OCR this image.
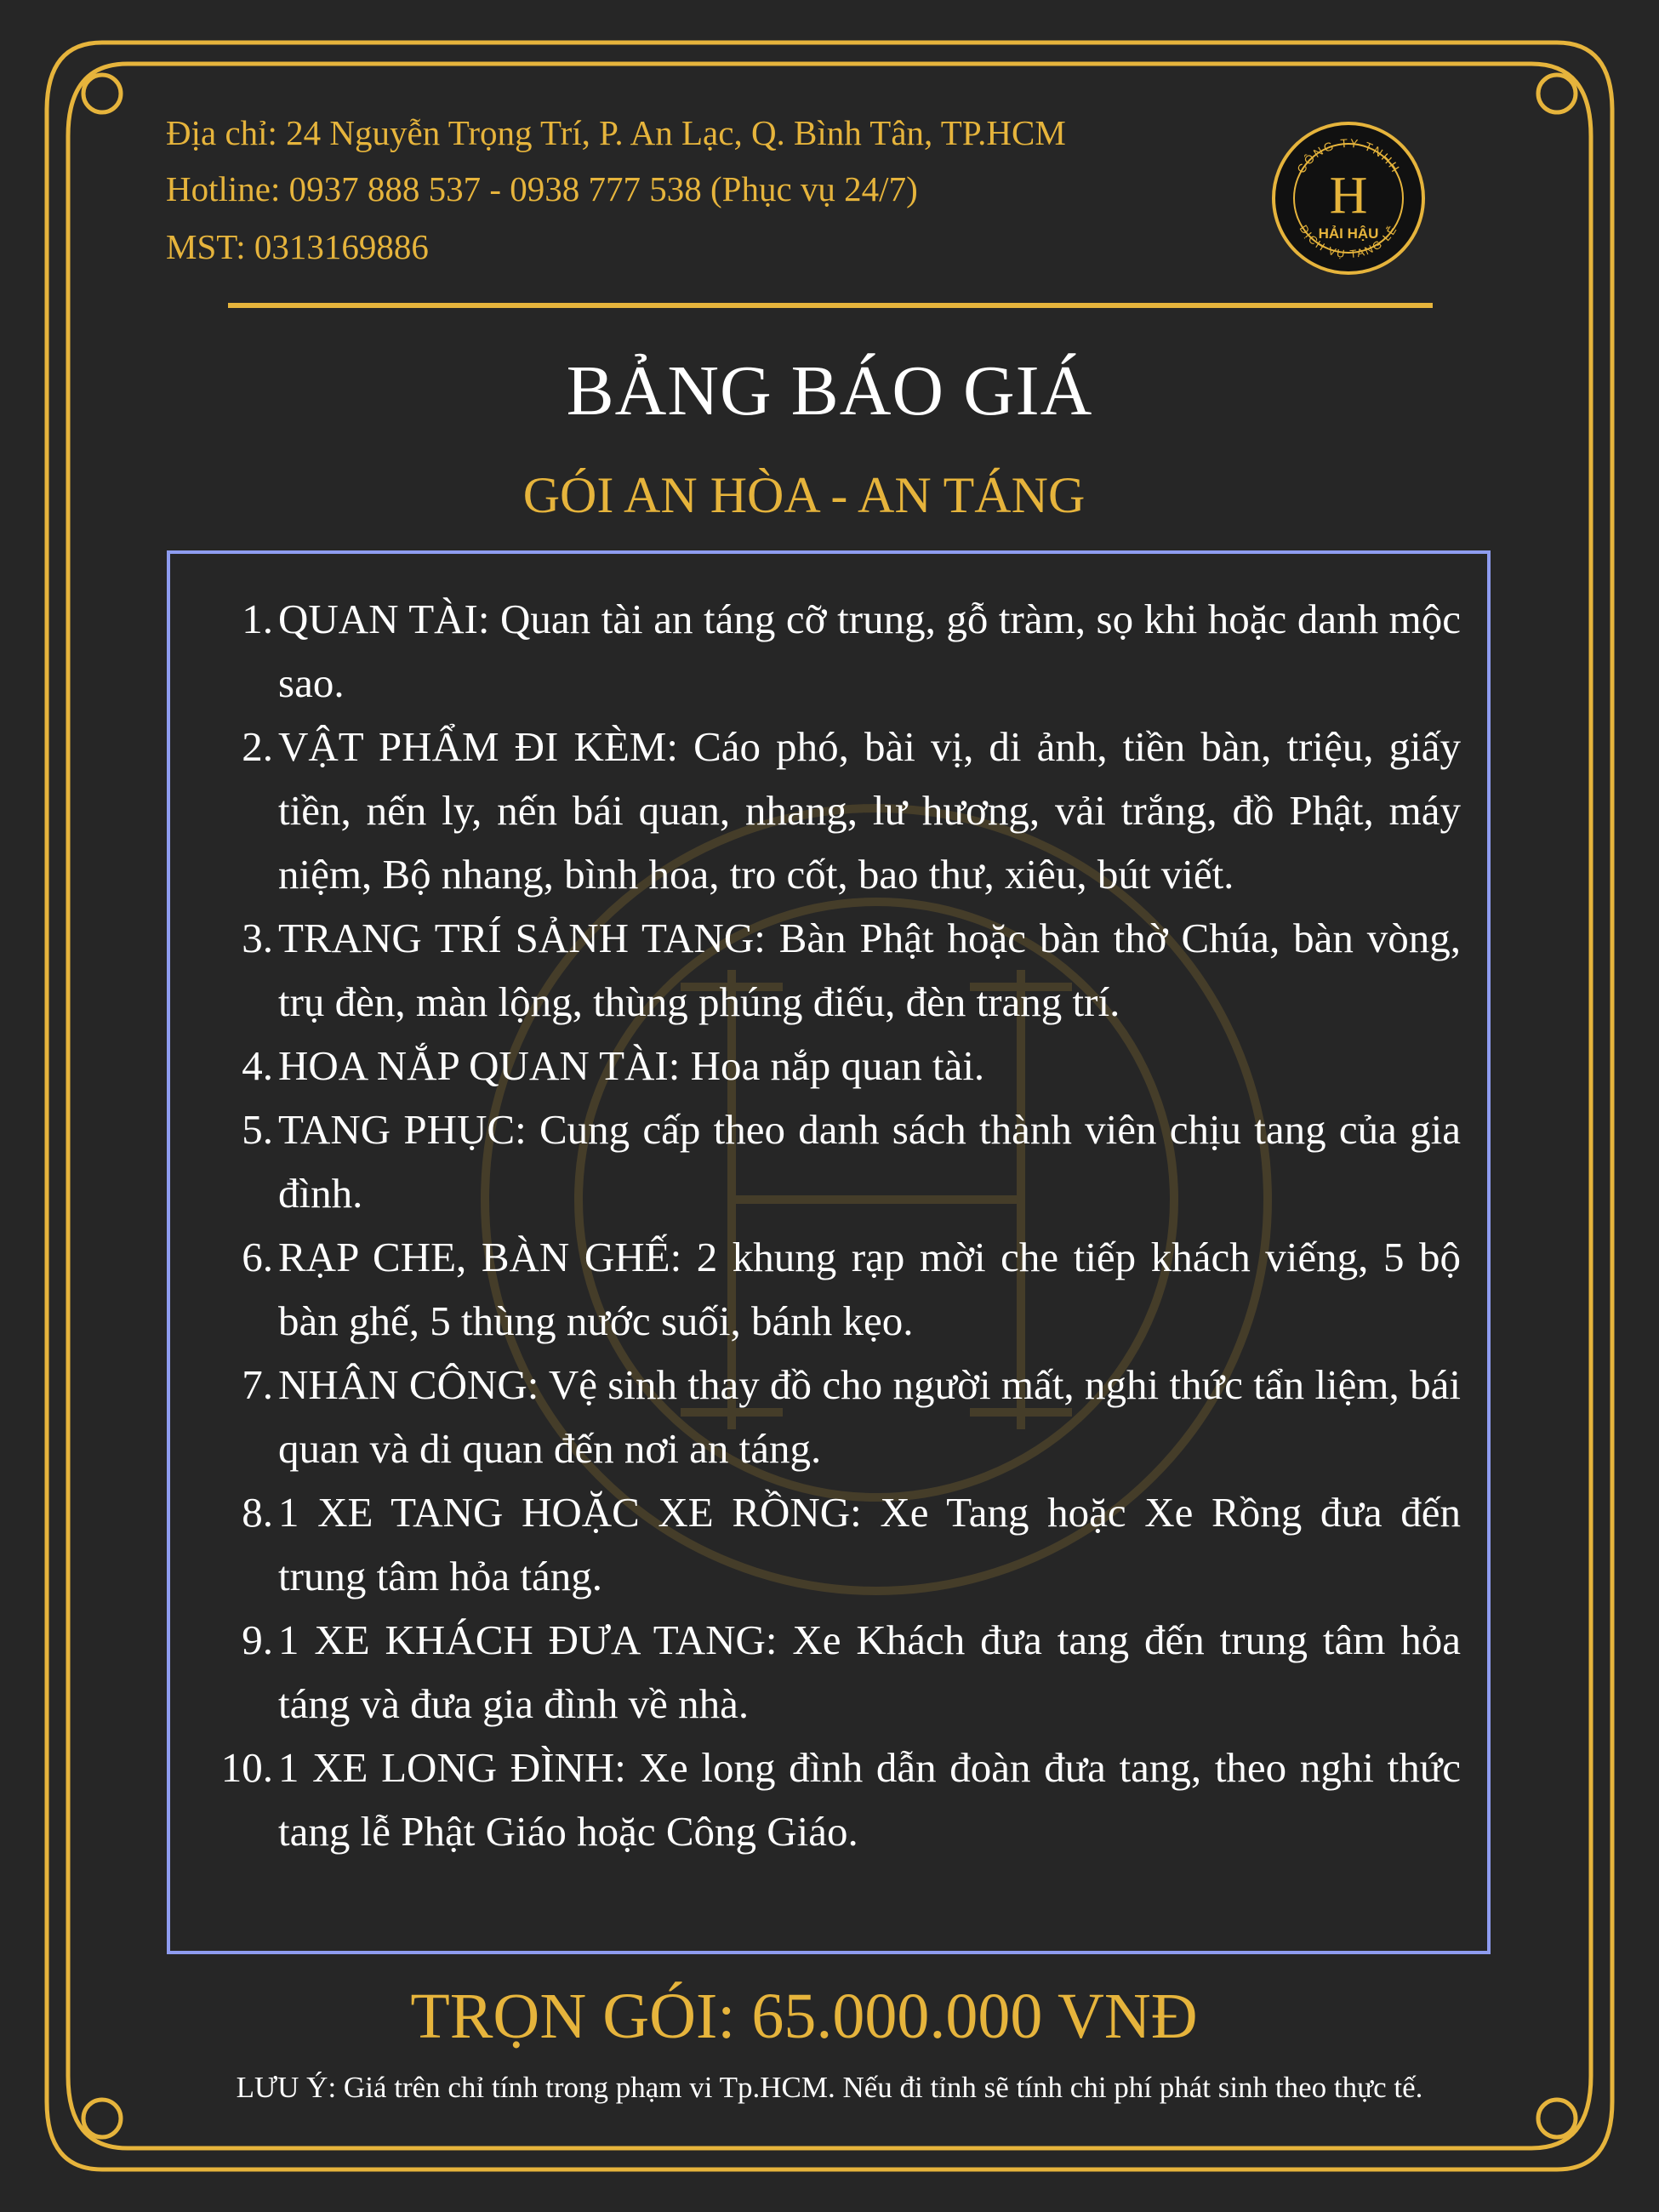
Địa chỉ: 24 Nguyễn Trọng Trí, P. An Lạc, Q. Bình Tân, TP.HCM
Hotline: 0937 888 537 - 0938 777 538 (Phục vụ 24/7)
MST: 0313169886
CÔNG TY TNHH
DỊCH VỤ TANG LỄ
H
HẢI HẬU
BẢNG BÁO GIÁ
GÓI AN HÒA - AN TÁNG
1. QUAN TÀI: Quan tài an táng cỡ trung, gỗ tràm, sọ khi hoặc danh mộc sao.
2. VẬT PHẨM ĐI KÈM: Cáo phó, bài vị, di ảnh, tiền bàn, triệu, giấy tiền, nến ly, nến bái quan, nhang, lư hương, vải trắng, đồ Phật, máy niệm, Bộ nhang, bình hoa, tro cốt, bao thư, xiêu, bút viết.
3. TRANG TRÍ SẢNH TANG: Bàn Phật hoặc bàn thờ Chúa, bàn vòng, trụ đèn, màn lộng, thùng phúng điếu, đèn trang trí.
4. HOA NẮP QUAN TÀI: Hoa nắp quan tài.
5. TANG PHỤC: Cung cấp theo danh sách thành viên chịu tang của gia đình.
6. RẠP CHE, BÀN GHẾ: 2 khung rạp mời che tiếp khách viếng, 5 bộ bàn ghế, 5 thùng nước suối, bánh kẹo.
7. NHÂN CÔNG: Vệ sinh thay đồ cho người mất, nghi thức tẩn liệm, bái quan và di quan đến nơi an táng.
8. 1 XE TANG HOẶC XE RỒNG: Xe Tang hoặc Xe Rồng đưa đến trung tâm hỏa táng.
9. 1 XE KHÁCH ĐƯA TANG: Xe Khách đưa tang đến trung tâm hỏa táng và đưa gia đình về nhà.
10. 1 XE LONG ĐÌNH: Xe long đình dẫn đoàn đưa tang, theo nghi thức tang lễ Phật Giáo hoặc Công Giáo.
TRỌN GÓI: 65.000.000 VNĐ
LƯU Ý: Giá trên chỉ tính trong phạm vi Tp.HCM. Nếu đi tỉnh sẽ tính chi phí phát sinh theo thực tế.
